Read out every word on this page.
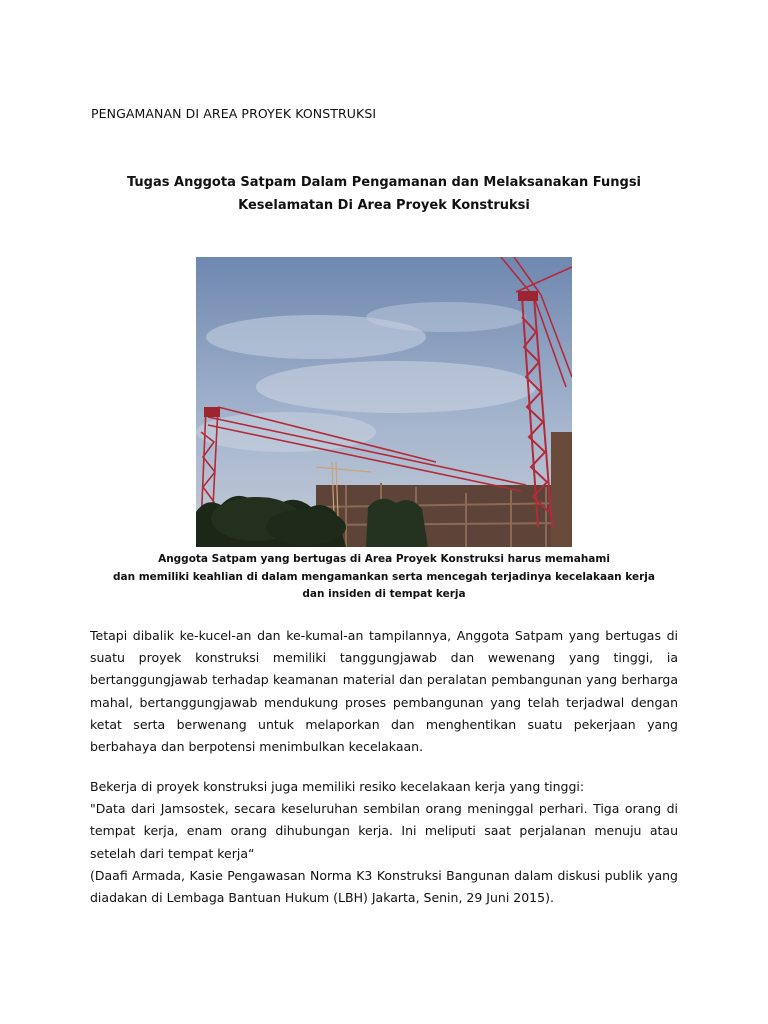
PENGAMANAN DI AREA PROYEK KONSTRUKSI
Tugas Anggota Satpam Dalam Pengamanan dan Melaksanakan Fungsi Keselamatan Di Area Proyek Konstruksi
Anggota Satpam yang bertugas di Area Proyek Konstruksi harus memahami
dan memiliki keahlian di dalam mengamankan serta mencegah terjadinya kecelakaan kerja
dan insiden di tempat kerja
Tetapi dibalik ke-kucel-an dan ke-kumal-an tampilannya, Anggota Satpam yang bertugas di suatu proyek konstruksi memiliki tanggungjawab dan wewenang yang tinggi, ia bertanggungjawab terhadap keamanan material dan peralatan pembangunan yang berharga mahal, bertanggungjawab mendukung proses pembangunan yang telah terjadwal dengan ketat serta berwenang untuk melaporkan dan menghentikan suatu pekerjaan yang berbahaya dan berpotensi menimbulkan kecelakaan.
Bekerja di proyek konstruksi juga memiliki resiko kecelakaan kerja yang tinggi:
"Data dari Jamsostek, secara keseluruhan sembilan orang meninggal perhari. Tiga orang di tempat kerja, enam orang dihubungan kerja. Ini meliputi saat perjalanan menuju atau setelah dari tempat kerja“
(Daafi Armada, Kasie Pengawasan Norma K3 Konstruksi Bangunan dalam diskusi publik yang diadakan di Lembaga Bantuan Hukum (LBH) Jakarta, Senin, 29 Juni 2015).
